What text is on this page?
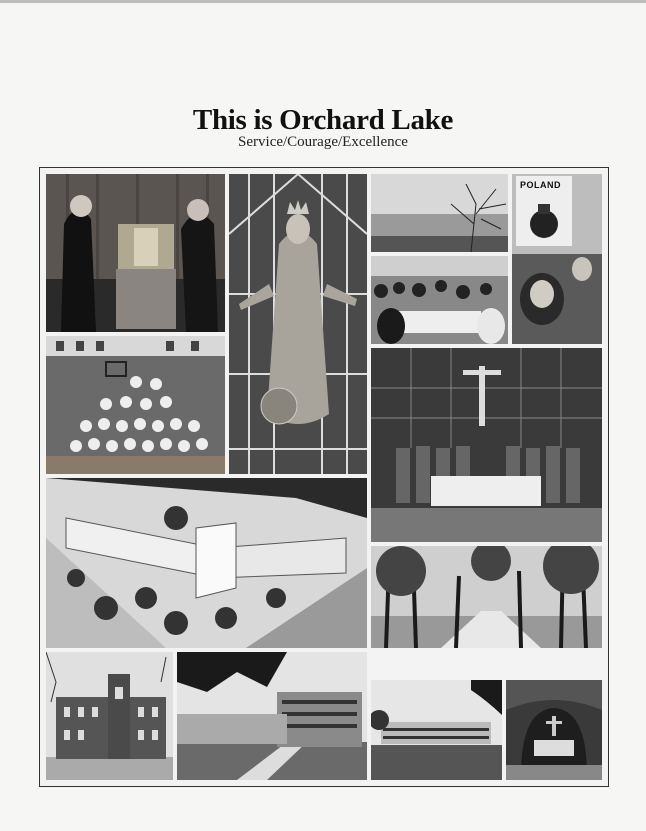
This is Orchard Lake
Service/Courage/Excellence
POLAND
